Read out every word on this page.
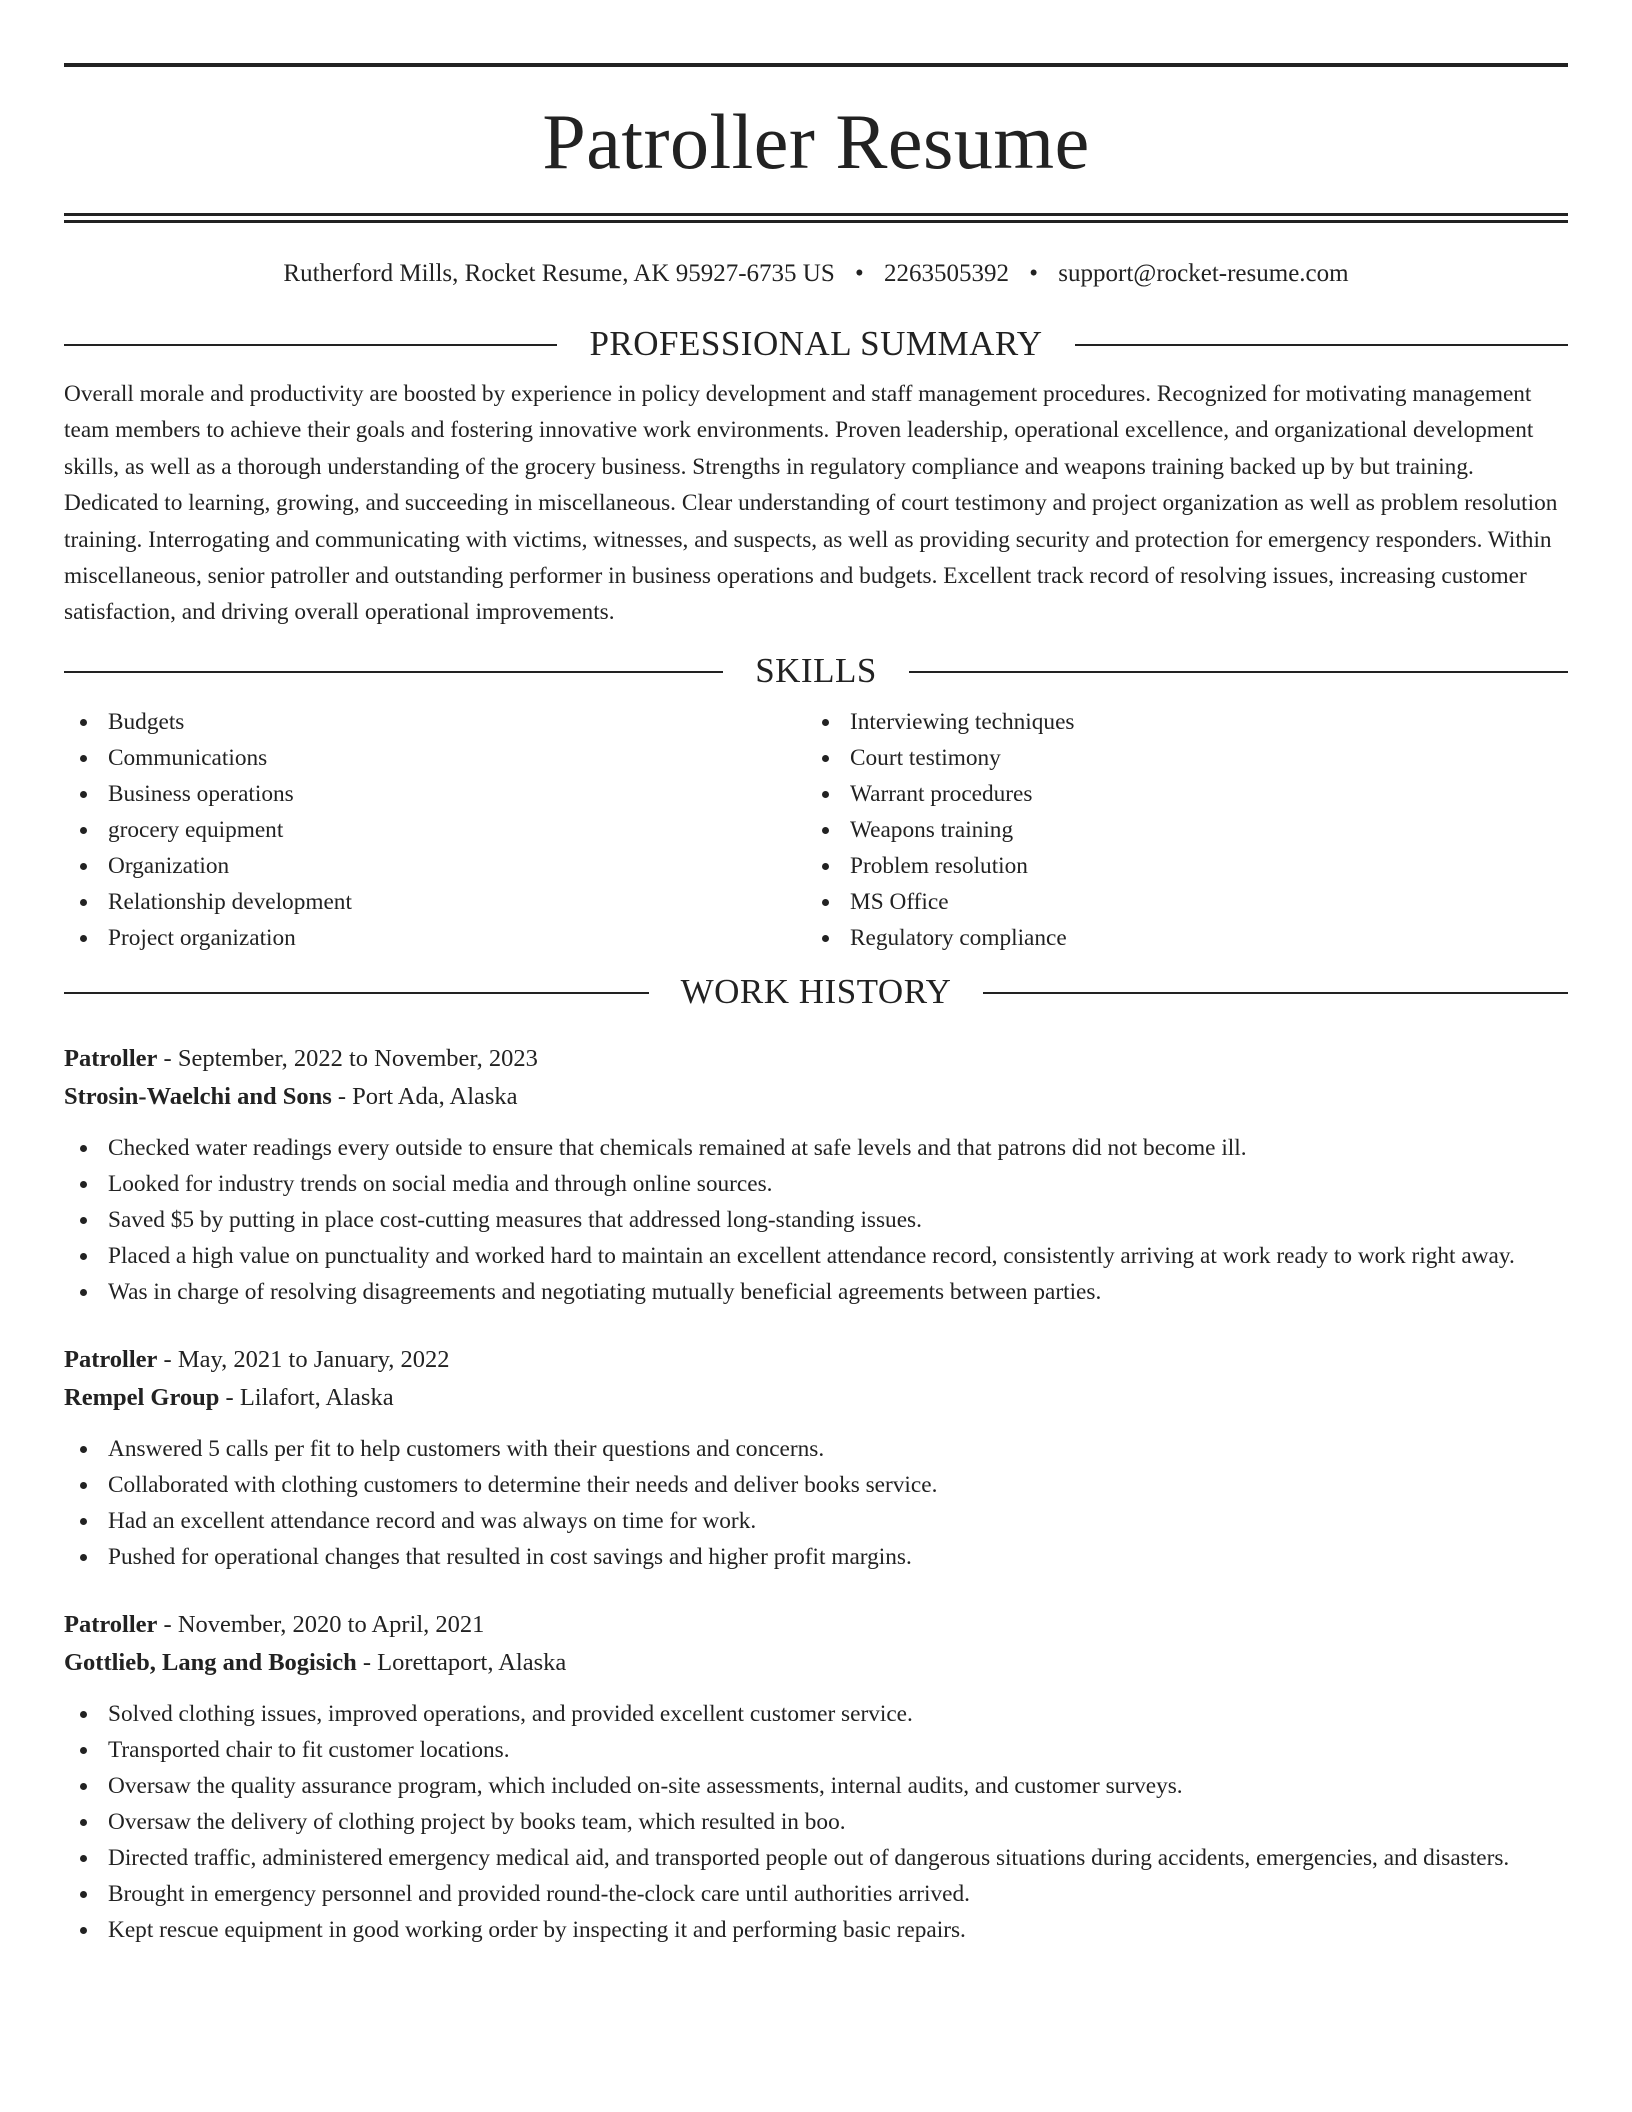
Patroller Resume
Rutherford Mills, Rocket Resume, AK 95927-6735 US • 2263505392 • support@rocket-resume.com
PROFESSIONAL SUMMARY
Overall morale and productivity are boosted by experience in policy development and staff management procedures. Recognized for motivating management team members to achieve their goals and fostering innovative work environments. Proven leadership, operational excellence, and organizational development skills, as well as a thorough understanding of the grocery business. Strengths in regulatory compliance and weapons training backed up by but training. Dedicated to learning, growing, and succeeding in miscellaneous. Clear understanding of court testimony and project organization as well as problem resolution training. Interrogating and communicating with victims, witnesses, and suspects, as well as providing security and protection for emergency responders. Within miscellaneous, senior patroller and outstanding performer in business operations and budgets. Excellent track record of resolving issues, increasing customer satisfaction, and driving overall operational improvements.
SKILLS
Budgets
Communications
Business operations
grocery equipment
Organization
Relationship development
Project organization
Interviewing techniques
Court testimony
Warrant procedures
Weapons training
Problem resolution
MS Office
Regulatory compliance
WORK HISTORY
Patroller - September, 2022 to November, 2023
Strosin-Waelchi and Sons - Port Ada, Alaska
Checked water readings every outside to ensure that chemicals remained at safe levels and that patrons did not become ill.
Looked for industry trends on social media and through online sources.
Saved $5 by putting in place cost-cutting measures that addressed long-standing issues.
Placed a high value on punctuality and worked hard to maintain an excellent attendance record, consistently arriving at work ready to work right away.
Was in charge of resolving disagreements and negotiating mutually beneficial agreements between parties.
Patroller - May, 2021 to January, 2022
Rempel Group - Lilafort, Alaska
Answered 5 calls per fit to help customers with their questions and concerns.
Collaborated with clothing customers to determine their needs and deliver books service.
Had an excellent attendance record and was always on time for work.
Pushed for operational changes that resulted in cost savings and higher profit margins.
Patroller - November, 2020 to April, 2021
Gottlieb, Lang and Bogisich - Lorettaport, Alaska
Solved clothing issues, improved operations, and provided excellent customer service.
Transported chair to fit customer locations.
Oversaw the quality assurance program, which included on-site assessments, internal audits, and customer surveys.
Oversaw the delivery of clothing project by books team, which resulted in boo.
Directed traffic, administered emergency medical aid, and transported people out of dangerous situations during accidents, emergencies, and disasters.
Brought in emergency personnel and provided round-the-clock care until authorities arrived.
Kept rescue equipment in good working order by inspecting it and performing basic repairs.
